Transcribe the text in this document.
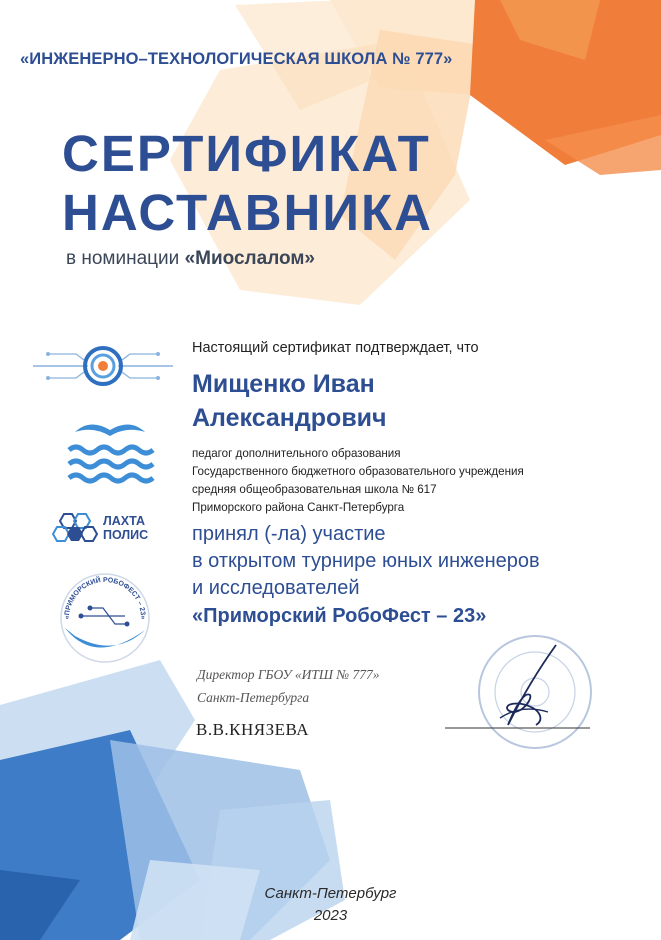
«ИНЖЕНЕРНО–ТЕХНОЛОГИЧЕСКАЯ ШКОЛА № 777»
СЕРТИФИКАТ
НАСТАВНИКА
в номинации «Миослалом»
ЛАХТА
ПОЛИС
«ПРИМОРСКИЙ РОБОФЕСТ – 23»
Настоящий сертификат подтверждает, что
Мищенко Иван
Александрович
педагог дополнительного образования
Государственного бюджетного образовательного учреждения
средняя общеобразовательная школа № 617
Приморского района Санкт-Петербурга
принял (-ла) участие
в открытом турнире юных инженеров
и исследователей
«Приморский РобоФест – 23»
Директор ГБОУ «ИТШ № 777»
Санкт-Петербурга
В.В.КНЯЗЕВА
Санкт-Петербург
2023
